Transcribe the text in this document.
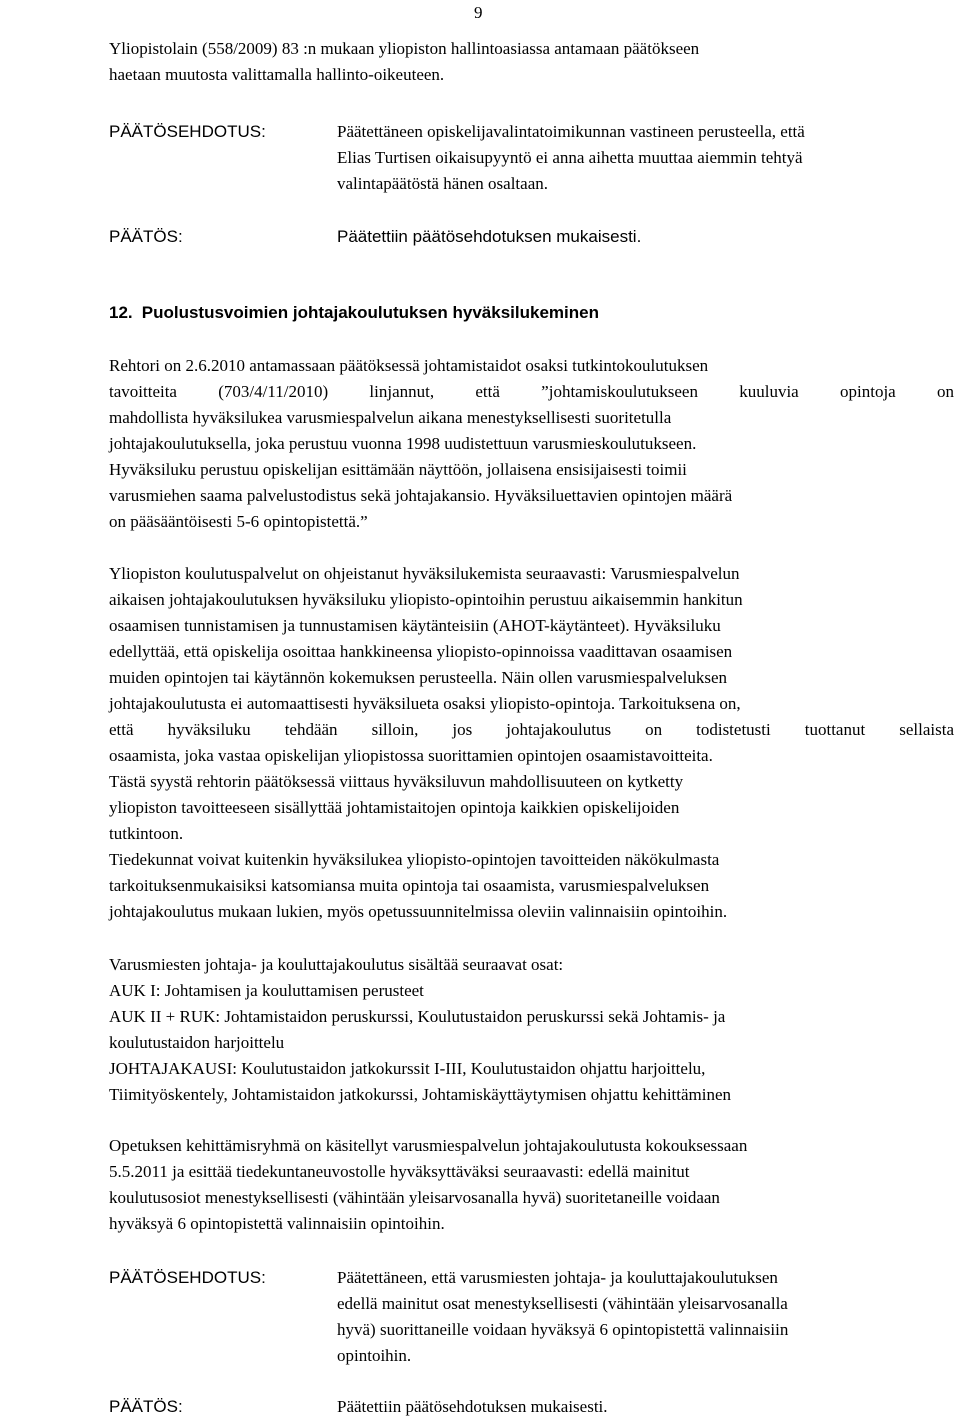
9
Yliopistolain (558/2009) 83 :n mukaan yliopiston hallintoasiassa antamaan päätökseen
haetaan muutosta valittamalla hallinto-oikeuteen.
PÄÄTÖSEHDOTUS:	Päätettäneen opiskelijavalintatoimikunnan vastineen perusteella, että
Elias Turtisen oikaisupyyntö ei anna aihetta muuttaa aiemmin tehtyä
valintapäätöstä hänen osaltaan.
PÄÄTÖS:	Päätettiin päätösehdotuksen mukaisesti.
12. Puolustusvoimien johtajakoulutuksen hyväksilukeminen
Rehtori on 2.6.2010 antamassaan päätöksessä johtamistaidot osaksi tutkintokoulutuksen
tavoitteita (703/4/11/2010) linjannut, että ”johtamiskoulutukseen kuuluvia opintoja on
mahdollista hyväksilukea varusmiespalvelun aikana menestyksellisesti suoritetulla
johtajakoulutuksella, joka perustuu vuonna 1998 uudistettuun varusmieskoulutukseen.
Hyväksiluku perustuu opiskelijan esittämään näyttöön, jollaisena ensisijaisesti toimii
varusmiehen saama palvelustodistus sekä johtajakansio. Hyväksiluettavien opintojen määrä
on pääsääntöisesti 5-6 opintopistettä.”
Yliopiston koulutuspalvelut on ohjeistanut hyväksilukemista seuraavasti: Varusmiespalvelun
aikaisen johtajakoulutuksen hyväksiluku yliopisto-opintoihin perustuu aikaisemmin hankitun
osaamisen tunnistamisen ja tunnustamisen käytänteisiin (AHOT-käytänteet). Hyväksiluku
edellyttää, että opiskelija osoittaa hankkineensa yliopisto-opinnoissa vaadittavan osaamisen
muiden opintojen tai käytännön kokemuksen perusteella. Näin ollen varusmiespalveluksen
johtajakoulutusta ei automaattisesti hyväksilueta osaksi yliopisto-opintoja. Tarkoituksena on,
että hyväksiluku tehdään silloin, jos johtajakoulutus on todistetusti tuottanut sellaista
osaamista, joka vastaa opiskelijan yliopistossa suorittamien opintojen osaamistavoitteita.
Tästä syystä rehtorin päätöksessä viittaus hyväksiluvun mahdollisuuteen on kytketty
yliopiston tavoitteeseen sisällyttää johtamistaitojen opintoja kaikkien opiskelijoiden
tutkintoon.
Tiedekunnat voivat kuitenkin hyväksilukea yliopisto-opintojen tavoitteiden näkökulmasta
tarkoituksenmukaisiksi katsomiansa muita opintoja tai osaamista, varusmiespalveluksen
johtajakoulutus mukaan lukien, myös opetussuunnitelmissa oleviin valinnaisiin opintoihin.
Varusmiesten johtaja- ja kouluttajakoulutus sisältää seuraavat osat:
AUK I: Johtamisen ja kouluttamisen perusteet
AUK II + RUK: Johtamistaidon peruskurssi, Koulutustaidon peruskurssi sekä Johtamis- ja
koulutustaidon harjoittelu
JOHTAJAKAUSI: Koulutustaidon jatkokurssit I-III, Koulutustaidon ohjattu harjoittelu,
Tiimityöskentely, Johtamistaidon jatkokurssi, Johtamiskäyttäytymisen ohjattu kehittäminen
Opetuksen kehittämisryhmä on käsitellyt varusmiespalvelun johtajakoulutusta kokouksessaan
5.5.2011 ja esittää tiedekuntaneuvostolle hyväksyttäväksi seuraavasti: edellä mainitut
koulutusosiot menestyksellisesti (vähintään yleisarvosanalla hyvä) suoritetaneille voidaan
hyväksyä 6 opintopistettä valinnaisiin opintoihin.
PÄÄTÖSEHDOTUS:	Päätettäneen, että varusmiesten johtaja- ja kouluttajakoulutuksen
edellä mainitut osat menestyksellisesti (vähintään yleisarvosanalla
hyvä) suorittaneille voidaan hyväksyä 6 opintopistettä valinnaisiin
opintoihin.
PÄÄTÖS:	Päätettiin päätösehdotuksen mukaisesti.
